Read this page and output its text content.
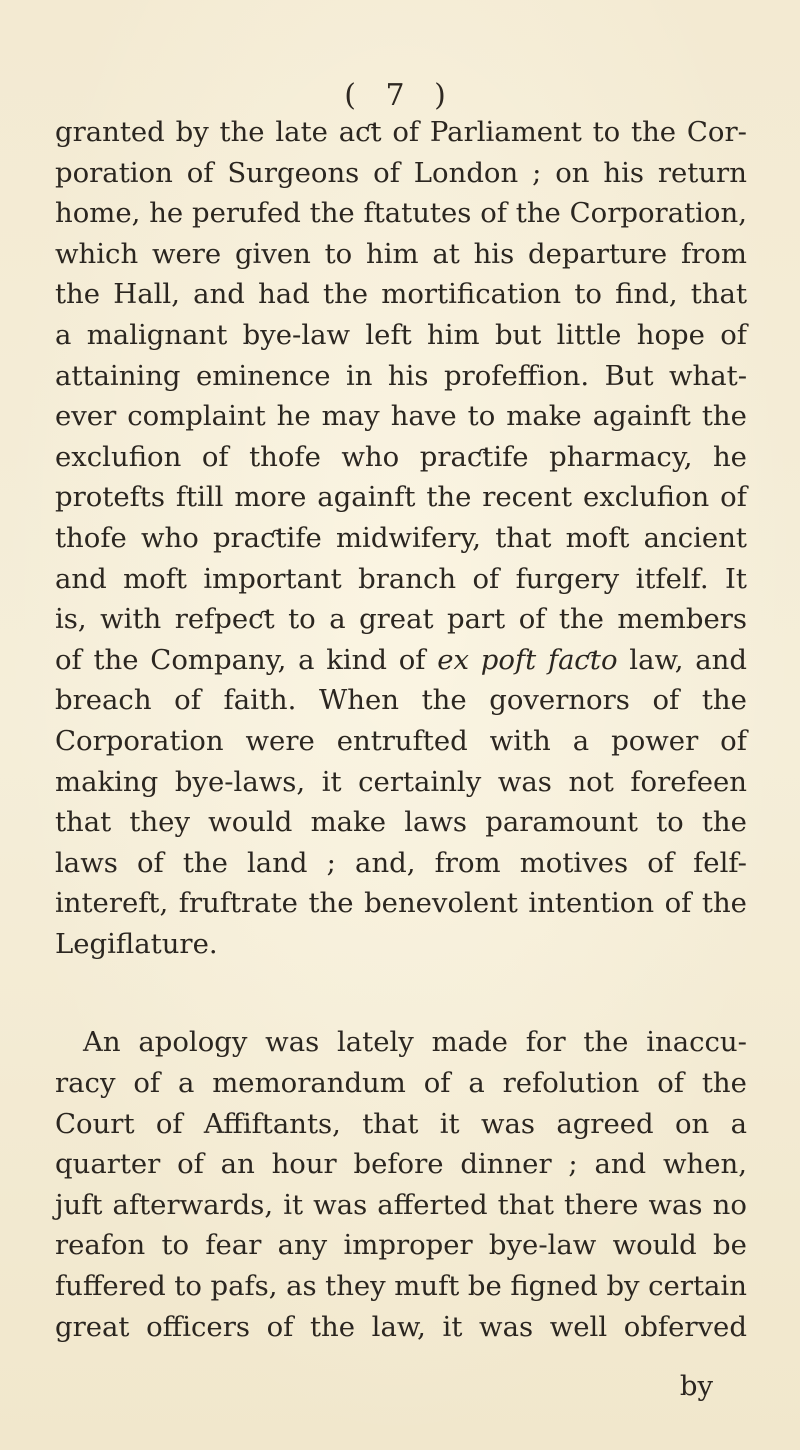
( 7 )
granted by the late aƈt of Parliament to the Cor-
poration of Surgeons of London ; on his return
home, he perufed the ftatutes of the Corporation,
which were given to him at his departure from
the Hall, and had the mortification to find, that
a malignant bye-law left him but little hope of
attaining eminence in his profeffion. But what-
ever complaint he may have to make againft the
exclufion of thofe who praƈtife pharmacy, he
protefts ftill more againft the recent exclufion of
thofe who praƈtife midwifery, that moft ancient
and moft important branch of furgery itfelf. It
is, with refpeƈt to a great part of the members
of the Company, a kind of ex poft faƈto law, and
breach of faith. When the governors of the
Corporation were entrufted with a power of
making bye-laws, it certainly was not forefeen
that they would make laws paramount to the
laws of the land ; and, from motives of felf-
intereft, fruftrate the benevolent intention of the
Legiflature.
An apology was lately made for the inaccu-
racy of a memorandum of a refolution of the
Court of Affiftants, that it was agreed on a
quarter of an hour before dinner ; and when,
juft afterwards, it was afferted that there was no
reafon to fear any improper bye-law would be
fuffered to pafs, as they muft be figned by certain
great officers of the law, it was well obferved
by
